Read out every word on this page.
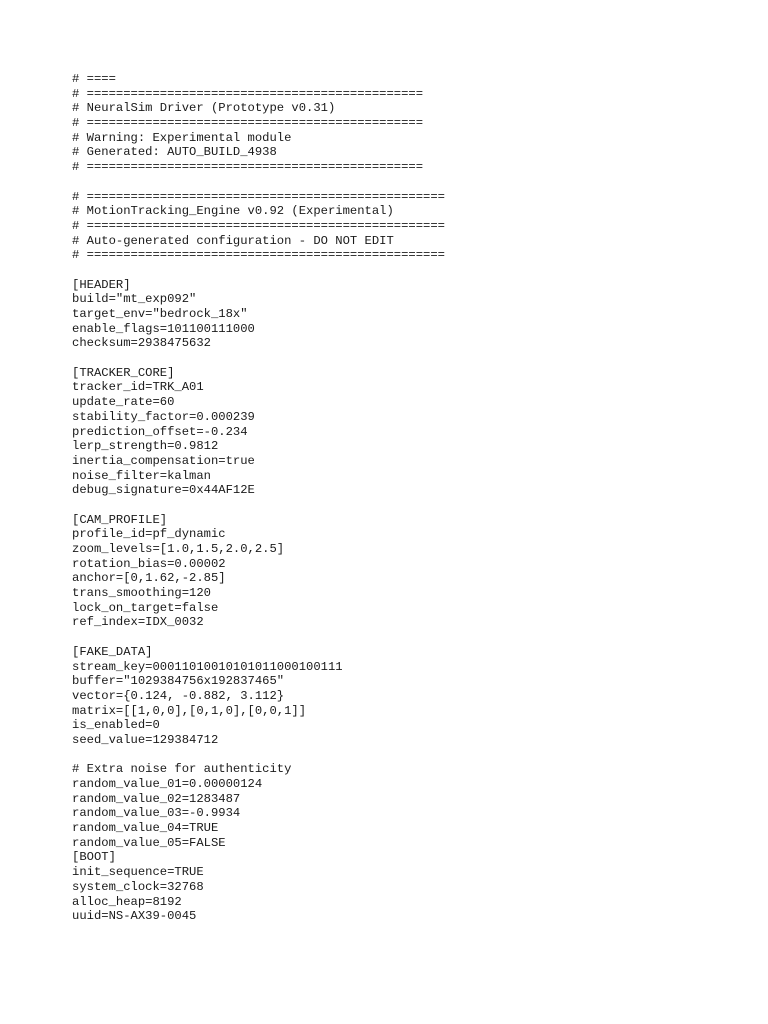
# ====
# ==============================================
# NeuralSim Driver (Prototype v0.31)
# ==============================================
# Warning: Experimental module
# Generated: AUTO_BUILD_4938
# ==============================================
# =================================================
# MotionTracking_Engine v0.92 (Experimental)
# =================================================
# Auto-generated configuration - DO NOT EDIT
# =================================================
[HEADER]
build="mt_exp092"
target_env="bedrock_18x"
enable_flags=101100111000
checksum=2938475632
[TRACKER_CORE]
tracker_id=TRK_A01
update_rate=60
stability_factor=0.000239
prediction_offset=-0.234
lerp_strength=0.9812
inertia_compensation=true
noise_filter=kalman
debug_signature=0x44AF12E
[CAM_PROFILE]
profile_id=pf_dynamic
zoom_levels=[1.0,1.5,2.0,2.5]
rotation_bias=0.00002
anchor=[0,1.62,-2.85]
trans_smoothing=120
lock_on_target=false
ref_index=IDX_0032
[FAKE_DATA]
stream_key=00011010010101011000100111
buffer="1029384756x192837465"
vector={0.124, -0.882, 3.112}
matrix=[[1,0,0],[0,1,0],[0,0,1]]
is_enabled=0
seed_value=129384712
# Extra noise for authenticity
random_value_01=0.00000124
random_value_02=1283487
random_value_03=-0.9934
random_value_04=TRUE
random_value_05=FALSE
[BOOT]
init_sequence=TRUE
system_clock=32768
alloc_heap=8192
uuid=NS-AX39-0045
